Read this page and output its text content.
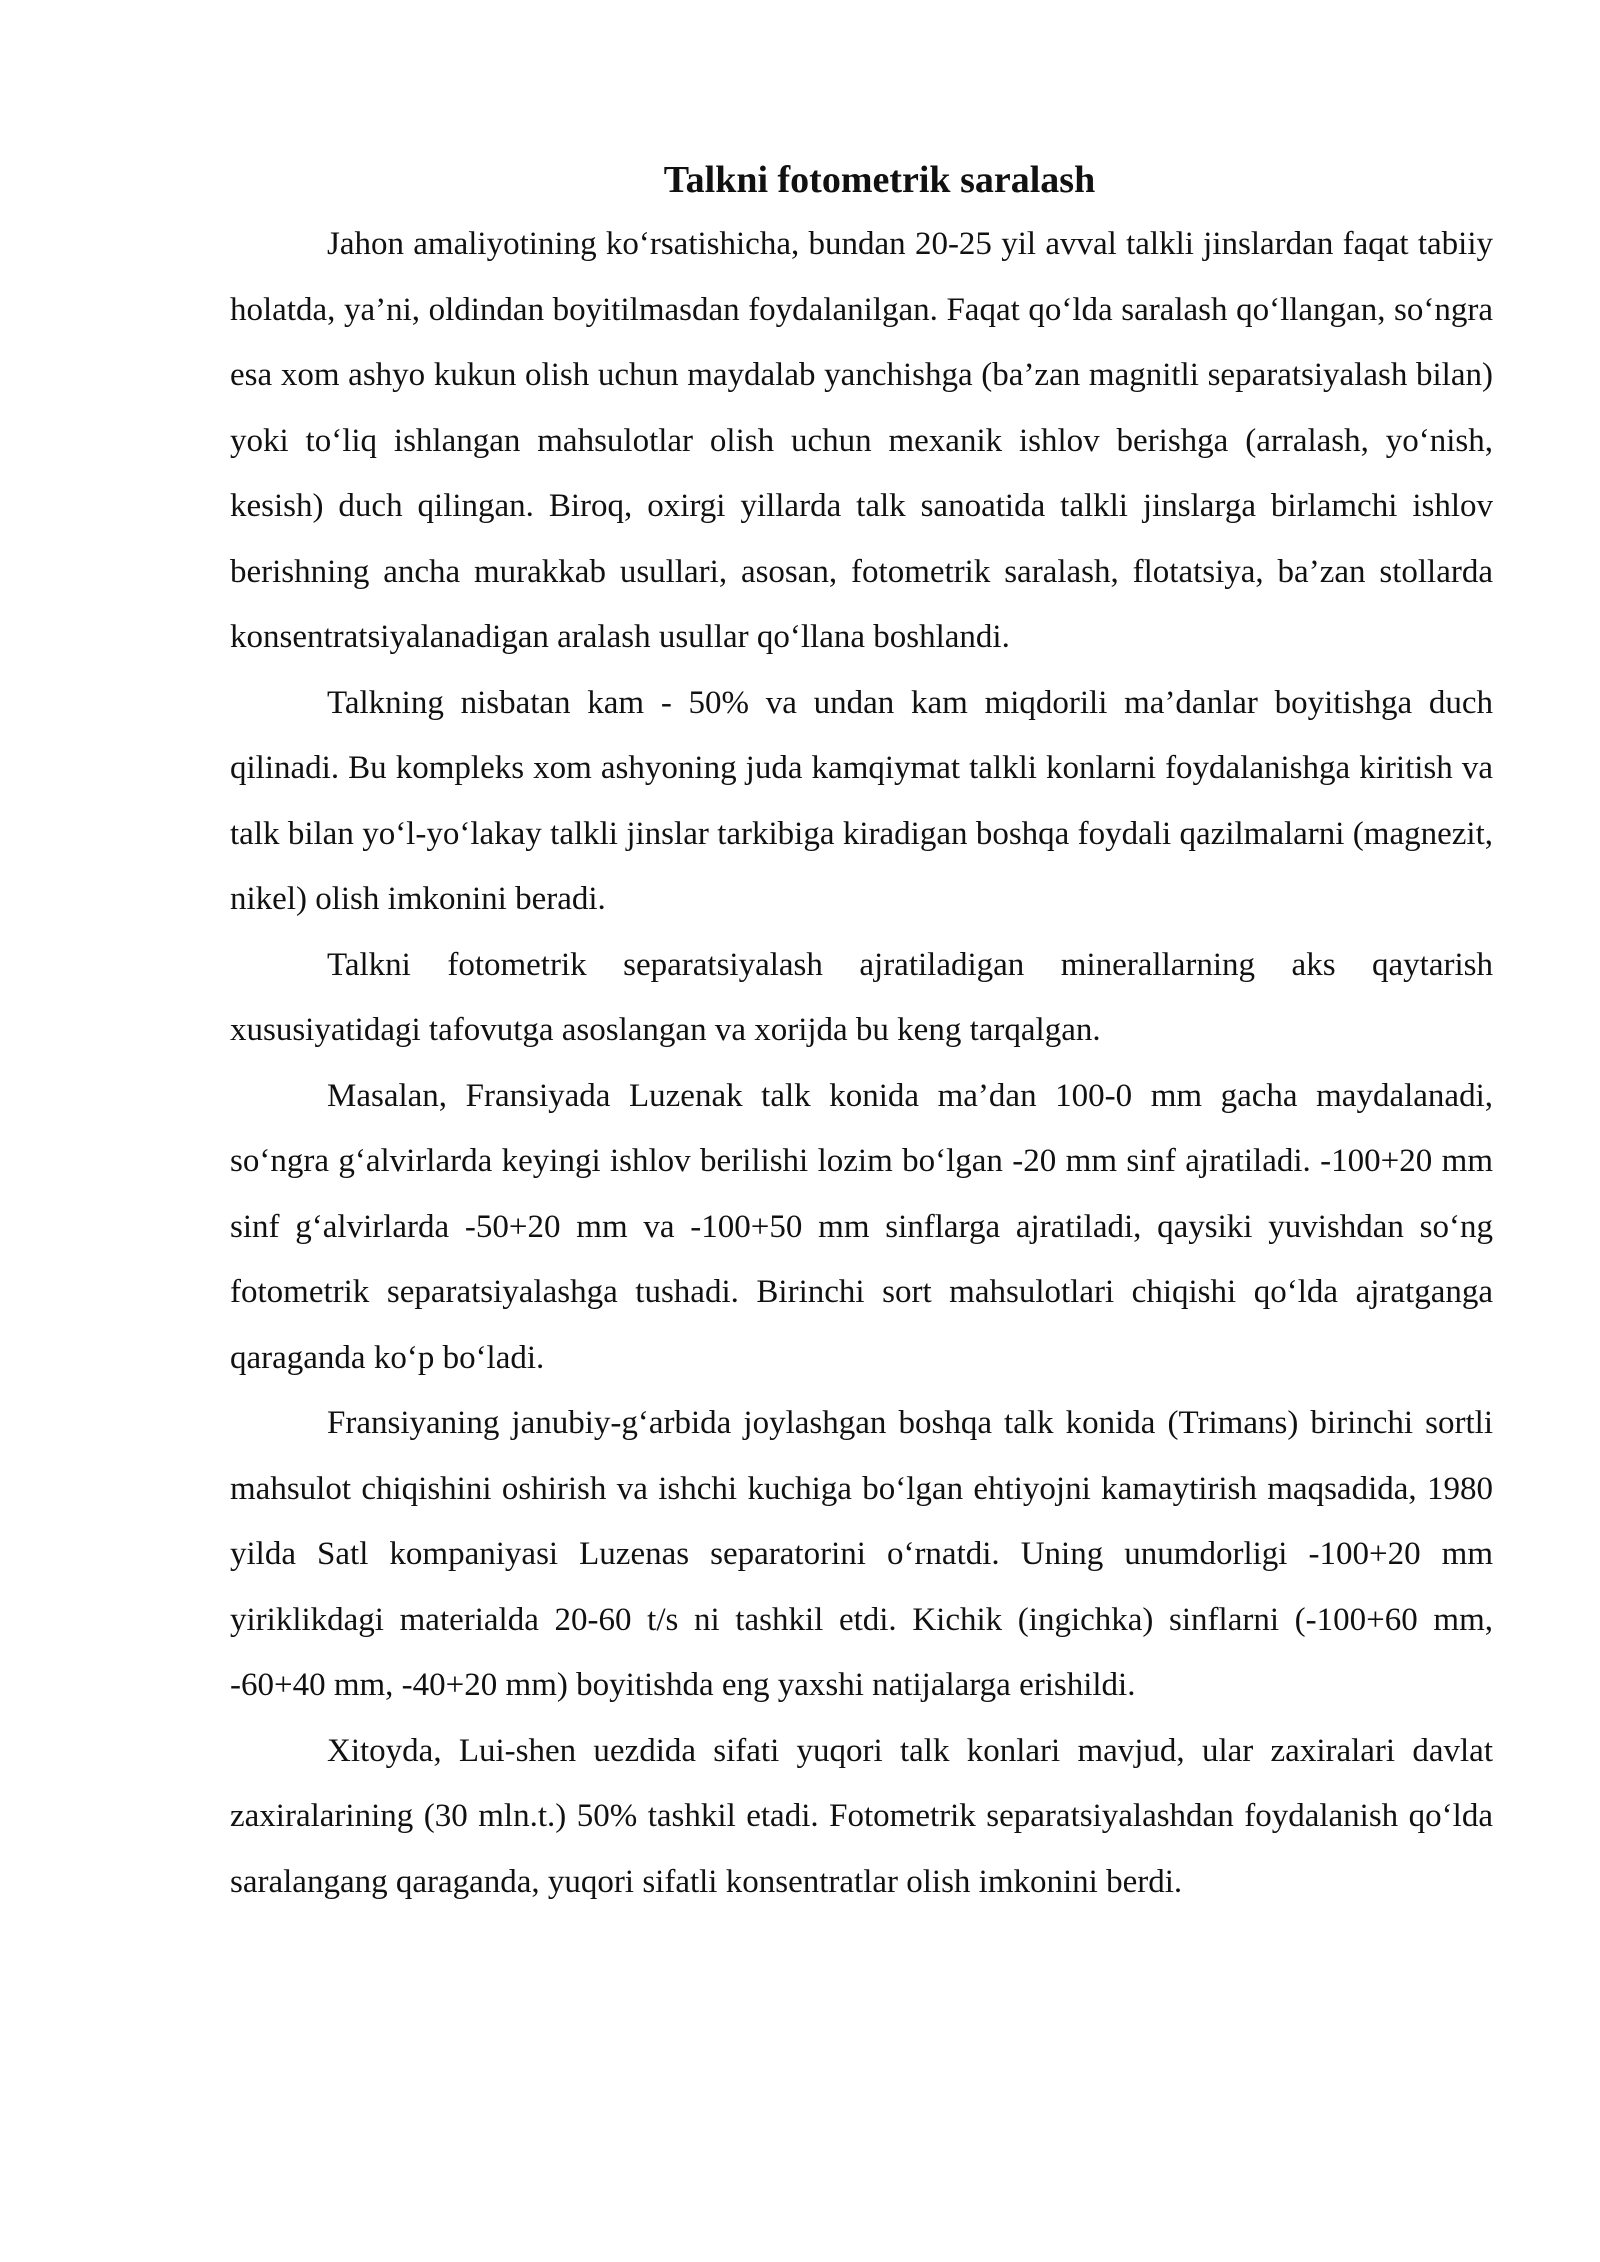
Talkni fotometrik saralash

Jahon amaliyotining ko‘rsatishicha, bundan 20-25 yil avval talkli jinslardan faqat tabiiy holatda, ya’ni, oldindan boyitilmasdan foydalanilgan. Faqat qo‘lda saralash qo‘llangan, so‘ngra esa xom ashyo kukun olish uchun maydalab yanchishga (ba’zan magnitli separatsiyalash bilan) yoki to‘liq ishlangan mahsulotlar olish uchun mexanik ishlov berishga (arralash, yo‘nish, kesish) duch qilingan. Biroq, oxirgi yillarda talk sanoatida talkli jinslarga birlamchi ishlov berishning ancha murakkab usullari, asosan, fotometrik saralash, flotatsiya, ba’zan stollarda konsentratsiyalanadigan aralash usullar qo‘llana boshlandi.

Talkning nisbatan kam - 50% va undan kam miqdorili ma’danlar boyitishga duch qilinadi. Bu kompleks xom ashyoning juda kamqiymat talkli konlarni foydalanishga kiritish va talk bilan yo‘l-yo‘lakay talkli jinslar tarkibiga kiradigan boshqa foydali qazilmalarni (magnezit, nikel) olish imkonini beradi.

Talkni fotometrik separatsiyalash ajratiladigan minerallarning aks qaytarish xususiyatidagi tafovutga asoslangan va xorijda bu keng tarqalgan.

Masalan, Fransiyada Luzenak talk konida ma’dan 100-0 mm gacha maydalanadi, so‘ngra g‘alvirlarda keyingi ishlov berilishi lozim bo‘lgan -20 mm sinf ajratiladi. -100+20 mm sinf g‘alvirlarda -50+20 mm va -100+50 mm sinflarga ajratiladi, qaysiki yuvishdan so‘ng fotometrik separatsiyalashga tushadi. Birinchi sort mahsulotlari chiqishi qo‘lda ajratganga qaraganda ko‘p bo‘ladi.

Fransiyaning janubiy-g‘arbida joylashgan boshqa talk konida (Trimans) birinchi sortli mahsulot chiqishini oshirish va ishchi kuchiga bo‘lgan ehtiyojni kamaytirish maqsadida, 1980 yilda Satl kompaniyasi Luzenas separatorini o‘rnatdi. Uning unumdorligi -100+20 mm yiriklikdagi materialda 20-60 t/s ni tashkil etdi. Kichik (ingichka) sinflarni (-100+60 mm, -60+40 mm, -40+20 mm) boyitishda eng yaxshi natijalarga erishildi.

Xitoyda, Lui-shen uezdida sifati yuqori talk konlari mavjud, ular zaxiralari davlat zaxiralarining (30 mln.t.) 50% tashkil etadi. Fotometrik separatsiyalashdan foydalanish qo‘lda saralangang qaraganda, yuqori sifatli konsentratlar olish imkonini berdi.
